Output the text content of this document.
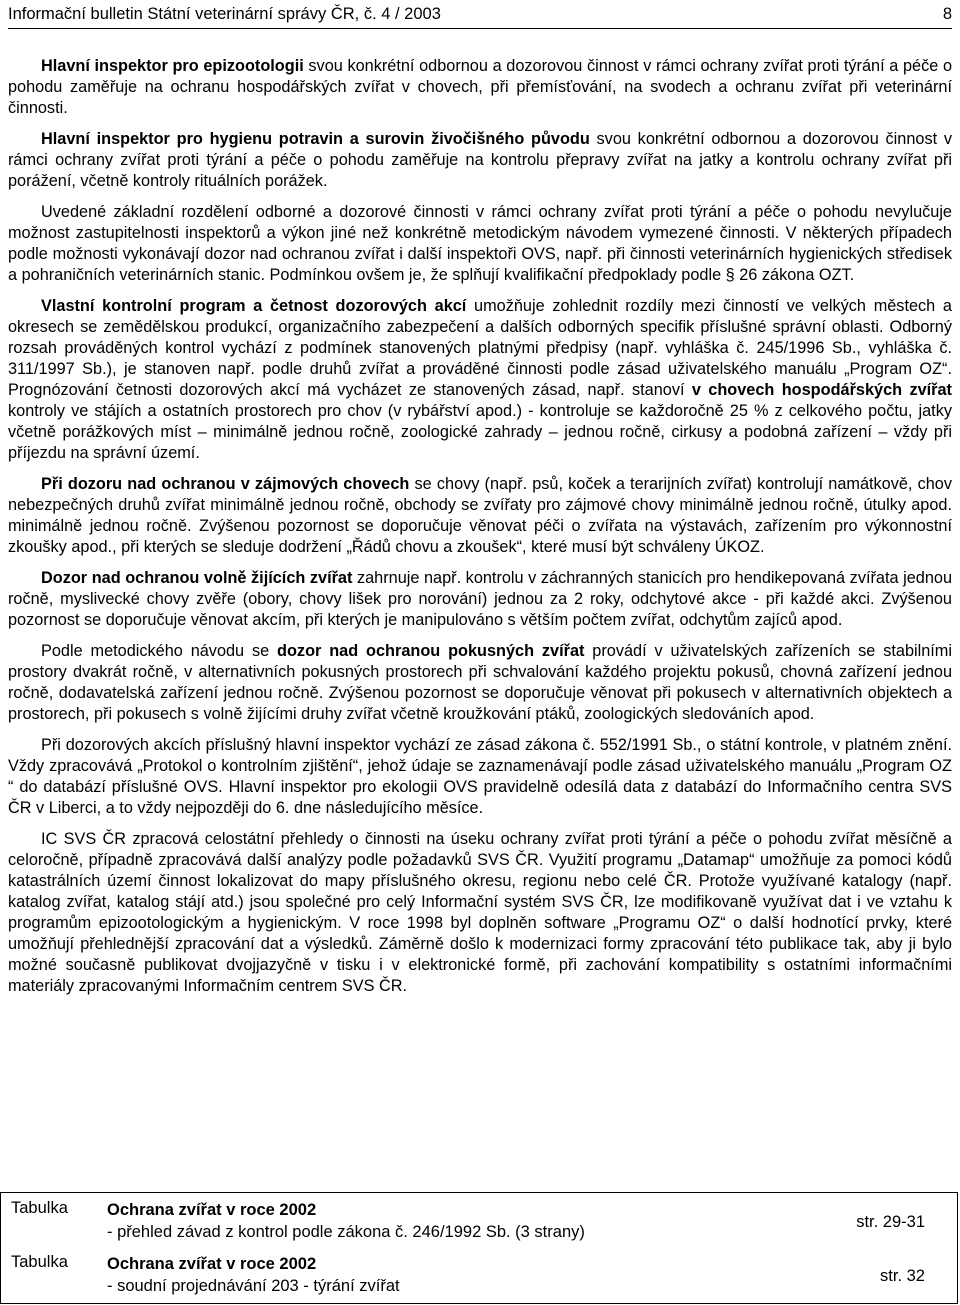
Informační bulletin Státní veterinární správy ČR, č. 4 / 2003	8

Hlavní inspektor pro epizootologii svou konkrétní odbornou a dozorovou činnost v rámci ochrany zvířat proti týrání a péče o pohodu zaměřuje na ochranu hospodářských zvířat v chovech, při přemísťování, na svodech a ochranu zvířat při veterinární činnosti.

Hlavní inspektor pro hygienu potravin a surovin živočišného původu svou konkrétní odbornou a dozorovou činnost v rámci ochrany zvířat proti týrání a péče o pohodu zaměřuje na kontrolu přepravy zvířat na jatky a kontrolu ochrany zvířat při porážení, včetně kontroly rituálních porážek.

Uvedené základní rozdělení odborné a dozorové činnosti v rámci ochrany zvířat proti týrání a péče o pohodu nevylučuje možnost zastupitelnosti inspektorů a výkon jiné než konkrétně metodickým návodem vymezené činnosti. V některých případech podle možnosti vykonávají dozor nad ochranou zvířat i další inspektoři OVS, např. při činnosti veterinárních hygienických středisek a pohraničních veterinárních stanic. Podmínkou ovšem je, že splňují kvalifikační předpoklady podle § 26 zákona OZT.

Vlastní kontrolní program a četnost dozorových akcí umožňuje zohlednit rozdíly mezi činností ve velkých městech a okresech se zemědělskou produkcí, organizačního zabezpečení a dalších odborných specifik příslušné správní oblasti. Odborný rozsah prováděných kontrol vychází z podmínek stanovených platnými předpisy (např. vyhláška č. 245/1996 Sb., vyhláška č. 311/1997 Sb.), je stanoven např. podle druhů zvířat a prováděné činnosti podle zásad uživatelského manuálu „Program OZ“. Prognózování četnosti dozorových akcí má vycházet ze stanovených zásad, např. stanoví v chovech hospodářských zvířat kontroly ve stájích a ostatních prostorech pro chov (v rybářství apod.) - kontroluje se každoročně 25 % z celkového počtu, jatky včetně porážkových míst – minimálně jednou ročně, zoologické zahrady – jednou ročně, cirkusy a podobná zařízení – vždy při příjezdu na správní území.

Při dozoru nad ochranou v zájmových chovech se chovy (např. psů, koček a terarijních zvířat) kontrolují namátkově, chov nebezpečných druhů zvířat minimálně jednou ročně, obchody se zvířaty pro zájmové chovy minimálně jednou ročně, útulky apod. minimálně jednou ročně. Zvýšenou pozornost se doporučuje věnovat péči o zvířata na výstavách, zařízením pro výkonnostní zkoušky apod., při kterých se sleduje dodržení „Řádů chovu a zkoušek“, které musí být schváleny ÚKOZ.

Dozor nad ochranou volně žijících zvířat zahrnuje např. kontrolu v záchranných stanicích pro hendikepovaná zvířata jednou ročně, myslivecké chovy zvěře (obory, chovy lišek pro norování) jednou za 2 roky, odchytové akce - při každé akci. Zvýšenou pozornost se doporučuje věnovat akcím, při kterých je manipulováno s větším počtem zvířat, odchytům zajíců apod.

Podle metodického návodu se dozor nad ochranou pokusných zvířat provádí v uživatelských zařízeních se stabilními prostory dvakrát ročně, v alternativních pokusných prostorech při schvalování každého projektu pokusů, chovná zařízení jednou ročně, dodavatelská zařízení jednou ročně. Zvýšenou pozornost se doporučuje věnovat při pokusech v alternativních objektech a prostorech, při pokusech s volně žijícími druhy zvířat včetně kroužkování ptáků, zoologických sledováních apod.

Při dozorových akcích příslušný hlavní inspektor vychází ze zásad zákona č. 552/1991 Sb., o státní kontrole, v platném znění. Vždy zpracovává „Protokol o kontrolním zjištění“, jehož údaje se zaznamenávají podle zásad uživatelského manuálu „Program OZ “ do databází příslušné OVS. Hlavní inspektor pro ekologii OVS pravidelně odesílá data z databází do Informačního centra SVS ČR v Liberci, a to vždy nejpozději do 6. dne následujícího měsíce.

IC SVS ČR zpracová celostátní přehledy o činnosti na úseku ochrany zvířat proti týrání a péče o pohodu zvířat měsíčně a celoročně, případně zpracovává další analýzy podle požadavků SVS ČR. Využití programu „Datamap“ umožňuje za pomoci kódů katastrálních území činnost lokalizovat do mapy příslušného okresu, regionu nebo celé ČR. Protože využívané katalogy (např. katalog zvířat, katalog stájí atd.) jsou společné pro celý Informační systém SVS ČR, lze modifikovaně využívat dat i ve vztahu k programům epizootologickým a hygienickým. V roce 1998 byl doplněn software „Programu OZ“ o další hodnotící prvky, které umožňují přehlednější zpracování dat a výsledků. Záměrně došlo k modernizaci formy zpracování této publikace tak, aby ji bylo možné současně publikovat dvojjazyčně v tisku i v elektronické formě, při zachování kompatibility s ostatními informačními materiály zpracovanými Informačním centrem SVS ČR.

Tabulka Ochrana zvířat v roce 2002
- přehled závad z kontrol podle zákona č. 246/1992 Sb. (3 strany)
str. 29-31
Tabulka Ochrana zvířat v roce 2002
- soudní projednávání 203 - týrání zvířat
str. 32
